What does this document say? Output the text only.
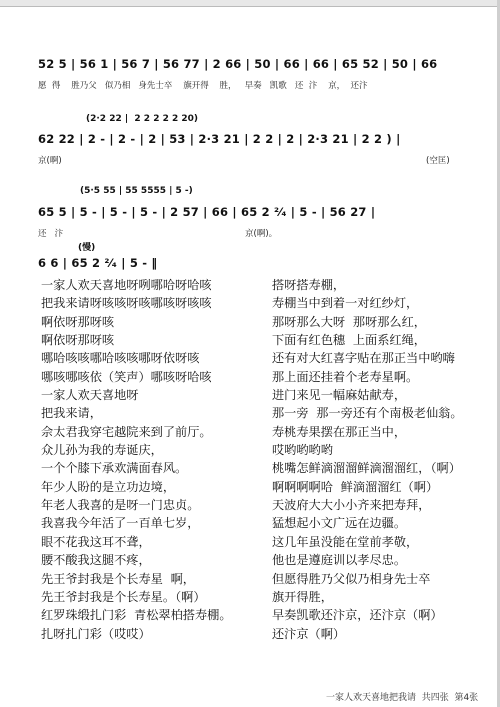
52 5 | 56 1 | 56 7 | 56 77 | 2 66 | 50 | 66 | 66 | 65 52 | 50 | 66
愿  得    胜乃父   似乃相   身先士卒    旗开得    胜，   早奏   凯歌   还  汴    京，  还汴
(2·2 22 |  2 2 2 2 2 20)
62 22 | 2 - | 2 - | 2 | 53 | 2·3 21 | 2 2 | 2 | 2·3 21 | 2 2 ) |
京(啊)	(空匡)
(5·5 55 | 55 5555 | 5 -)
65 5 | 5 - | 5 - | 5 - | 2 57 | 66 | 65 2 ²⁄₄ | 5 - | 56 27 |
还   汴	京(啊)。
(慢)
6 6 | 65 2 ²⁄₄ | 5 - ‖
一家人欢天喜地呀咧哪哈呀哈咳
把我来请呀咳咳呀咳哪咳呀咳咳
啊依呀那呀咳
啊依呀那呀咳
哪哈咳咳哪哈咳咳哪呀依呀咳
哪咳哪咳依（笑声）哪咳呀哈咳
一家人欢天喜地呀
把我来请，
佘太君我穿宅越院来到了前厅。
众儿孙为我的寿诞庆，
一个个膝下承欢满面春风。
年少人盼的是立功边境，
年老人我喜的是呀一门忠贞。
我喜我今年活了一百单七岁，
眼不花我这耳不聋，
腰不酸我这腿不疼，
先王爷封我是个长寿星  啊，
先王爷封我是个长寿星。（啊）
红罗珠缎扎门彩  青松翠柏搭寿棚。
扎呀扎门彩（哎哎）
搭呀搭寿棚，
寿棚当中到着一对红纱灯，
那呀那么大呀  那呀那么红，
下面有红色穗  上面系红绳，
还有对大红喜字贴在那正当中哟嗨
那上面还挂着个老寿星啊。
进门来见一幅麻姑献寿，
那一旁  那一旁还有个南极老仙翁。
寿桃寿果摆在那正当中，
哎哟哟哟哟
桃嘴怎鲜滴溜溜鲜滴溜溜红，（啊）
啊啊啊啊哈  鲜滴溜溜红（啊）
天波府大大小小齐来把寿拜，
猛想起小文广远在边疆。
这几年虽没能在堂前孝敬，
他也是遵庭训以孝尽忠。
但愿得胜乃父似乃相身先士卒
旗开得胜，
早奏凯歌还汴京，还汴京（啊）
还汴京（啊）
一家人欢天喜地把我请  共四张  第4张
